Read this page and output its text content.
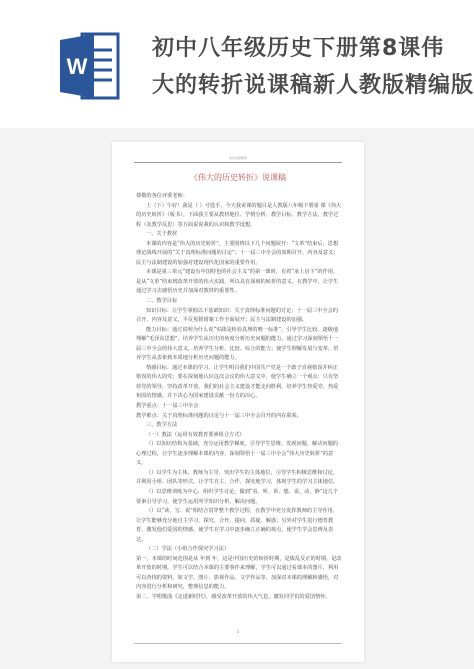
W
初中八年级历史下册第8课伟
大的转折说课稿新人教版精编版
农村庆阳教育
《伟大的历史转折》说课稿

尊敬的各位评委老师：

上（下）午好！我是（ ）号选手，今天我说课的题目是人教版八年级下册第 课《伟大的历史转折》（板书）。下面我主要从教材地位、学情分析、教学目标、教学方法、教学过程（及教学反思）等方面说说我的认识和教学设想。

一、关于教材

本课的内容是“伟大的历史转折”，主要围绕以下几个问题展开：“文革”结束后，思想理论战线开展的“关于真理标准问题的讨论”；十一届三中全会的如期召开、内容及意义；民主与法制建设的加强对建设现代化国家的重要作用。

本课是第三单元“建设有中国特色的社会主义”的第一课时，有着“承上启下”的作用。是从“文革”结束到改革开放的伟大实践，所以具有深刻的转折的意义，在教学中，让学生通过学习去感悟历史并加深对教材的重要性。

二、教学目标

知识目标：让学生掌握以下基础知识：关于真理标准问题的讨论；十一届三中全会的召开、内容及意义，平反冤假错案工作全面展开；民主与法制建设的加强。

能力目标：通过说明为什么说“实践是检验真理的唯一标准”，引导学生比较、逐级地理解“毛泽东思想”，培养学生从历史的角度分析历史问题的能力。通过学习深刻领悟十一届三中全会的伟大意义，培养学生分析、比较、综合的能力；使学生理解发展与变革，培养学生从表象到本质地分析历史问题的能力。

情感目标：通过本课的学习，让学生明白我们中国共产党是一个敢于直视错误并纠正错误的伟大的党；要在深刻地认识这次会议的伟大意义中，使学生确立一个观点：只有坚持党的领导，坚持改革开放，我们的社会主义建设才能走向胜利。培养学生热爱党、热爱祖国的情感，并下决心为国家建设贡献一份力的决心。

教学重点：十一届三中全会

教学难点：关于真理标准问题的讨论与十一届三中全会召开的内在联系。

三、教学方法

（一）教法（运用有效教育要素组合方式）

（）以知识结构为基础，充分运用教学梯度，引导学生思维、发现问题、解决问题的心理过程，让学生逐步理解本课的内容，深刻领悟十一届三中全会“伟大历史转折”的意义。

（）以学生为主体，教师为主导，突出学生的主体地位，引导学生积极思维和讨论，并利用小组、团队等形式，让学生自主、合作、探究地学习，体现学生的学习主体地位。

（）以思维训练为中心，组织学生讨论，做到“看、听、讲、想、说、动、静”这几个要素引导学习，使学生运用所学知识分析、解决问题。

（）以“读、写、说”相结合贯穿整个教学过程，在教学中充分发挥教师的主导作用，让学生能够充分地自主学习、探究、合作、提问、质疑、解惑；另外对学生进行德育教育，激发他们爱国的情感，使学生在学习中逐步确立正确的观点，使学生学会思辨及表达。

（二）学法（小组合作探究学习法）

第一，本课的时间范围是从 年到 年，这是中国历史的转折时期，是拨乱反正的时期，是改革开放的时期。学生可以结合本课的主要事件来理解，学生可以通过看课本的图片，利用可以查找的资料，如文学、图片、影视作品、文学作品等，加深对本课的理解和感悟，对内容进行分析和研究，整理信息的能力。

第二，学唱歌曲《走进新时代》，感受改革开放的伟大气息，激发同学们的爱国情怀。

1
